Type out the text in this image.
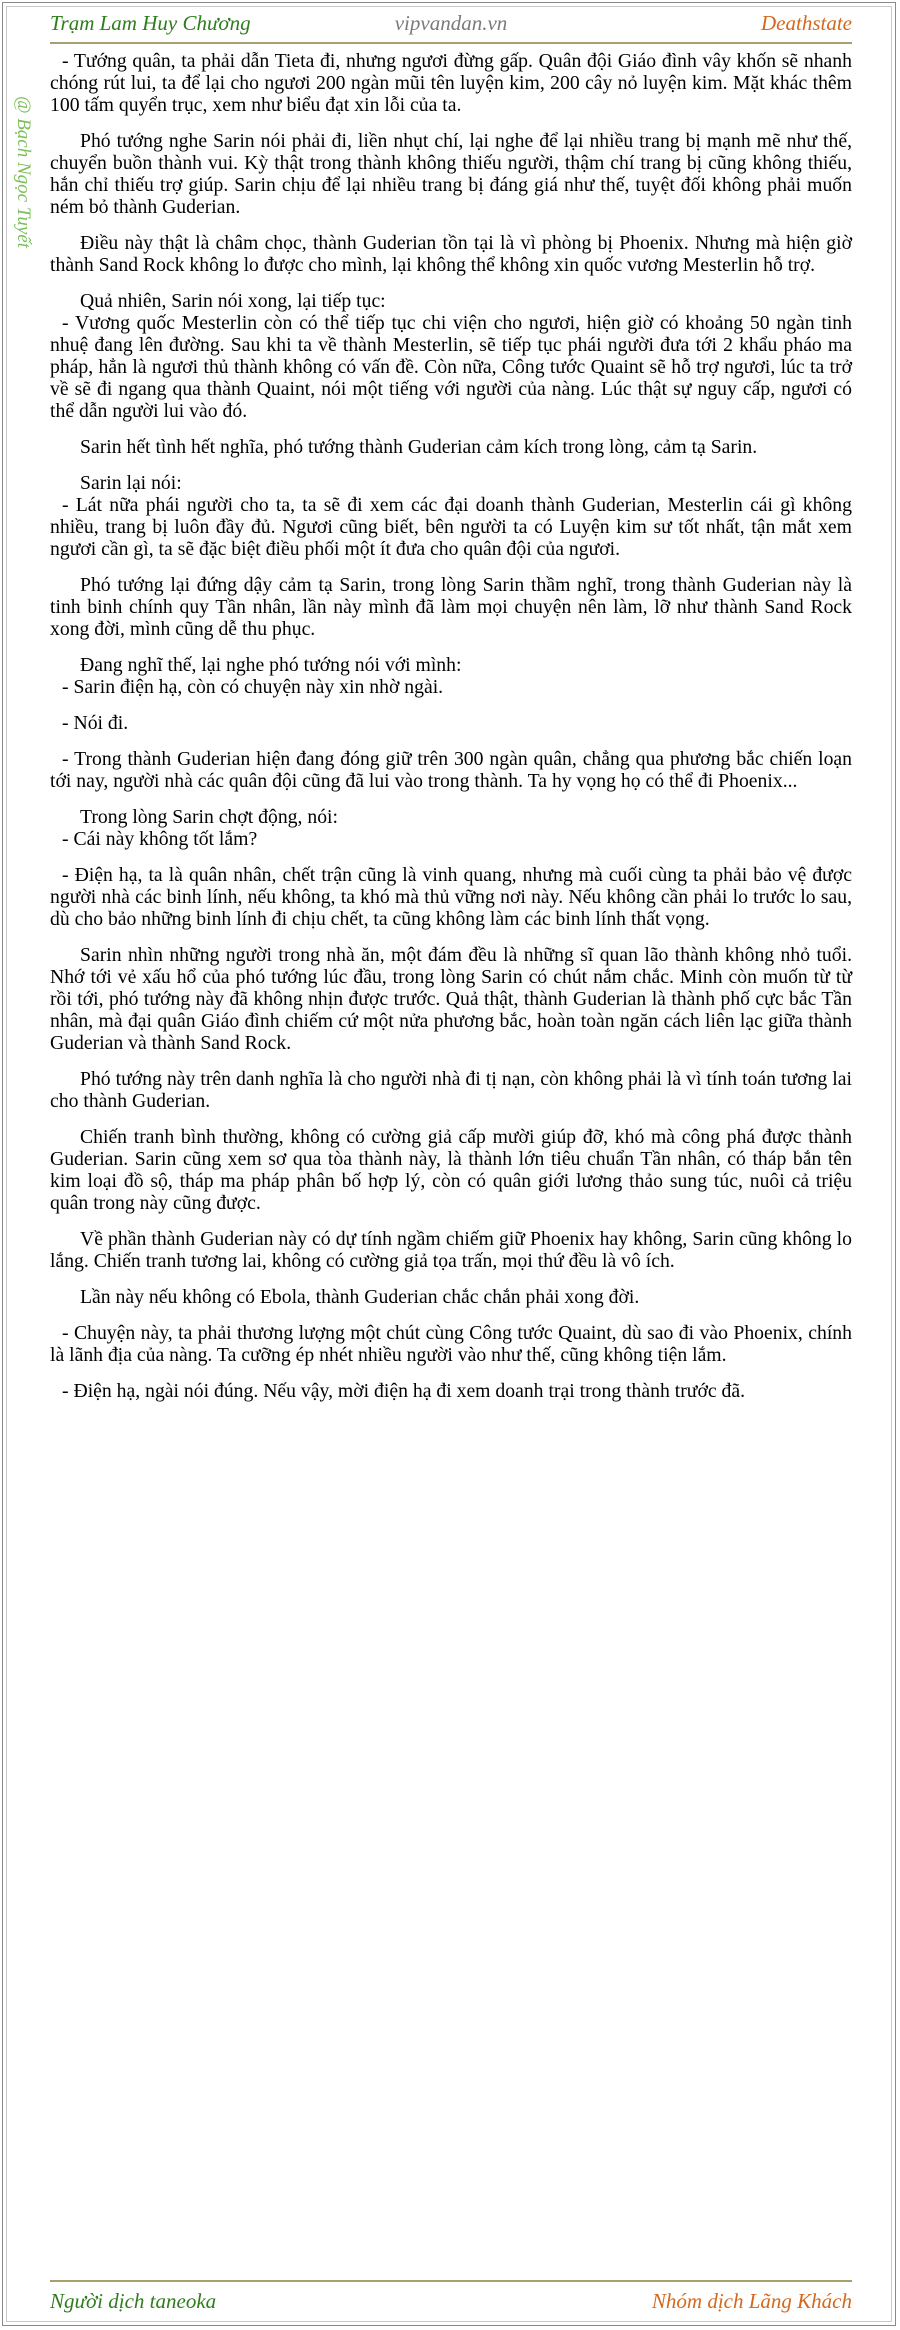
Trạm Lam Huy Chương	vipvandan.vn	Deathstate
@ Bạch Ngọc Tuyết

- Tướng quân, ta phải dẫn Tieta đi, nhưng ngươi đừng gấp. Quân đội Giáo đình vây khốn sẽ nhanh chóng rút lui, ta để lại cho ngươi 200 ngàn mũi tên luyện kim, 200 cây nỏ luyện kim. Mặt khác thêm 100 tấm quyển trục, xem như biểu đạt xin lỗi của ta.

Phó tướng nghe Sarin nói phải đi, liền nhụt chí, lại nghe để lại nhiều trang bị mạnh mẽ như thế, chuyển buồn thành vui. Kỳ thật trong thành không thiếu người, thậm chí trang bị cũng không thiếu, hắn chỉ thiếu trợ giúp. Sarin chịu để lại nhiều trang bị đáng giá như thế, tuyệt đối không phải muốn ném bỏ thành Guderian.

Điều này thật là châm chọc, thành Guderian tồn tại là vì phòng bị Phoenix. Nhưng mà hiện giờ thành Sand Rock không lo được cho mình, lại không thể không xin quốc vương Mesterlin hỗ trợ.

Quả nhiên, Sarin nói xong, lại tiếp tục:

- Vương quốc Mesterlin còn có thể tiếp tục chi viện cho ngươi, hiện giờ có khoảng 50 ngàn tinh nhuệ đang lên đường. Sau khi ta về thành Mesterlin, sẽ tiếp tục phái người đưa tới 2 khẩu pháo ma pháp, hẳn là ngươi thủ thành không có vấn đề. Còn nữa, Công tước Quaint sẽ hỗ trợ ngươi, lúc ta trở về sẽ đi ngang qua thành Quaint, nói một tiếng với người của nàng. Lúc thật sự nguy cấp, ngươi có thể dẫn người lui vào đó.

Sarin hết tình hết nghĩa, phó tướng thành Guderian cảm kích trong lòng, cảm tạ Sarin.

Sarin lại nói:

- Lát nữa phái người cho ta, ta sẽ đi xem các đại doanh thành Guderian, Mesterlin cái gì không nhiều, trang bị luôn đầy đủ. Ngươi cũng biết, bên người ta có Luyện kim sư tốt nhất, tận mắt xem ngươi cần gì, ta sẽ đặc biệt điều phối một ít đưa cho quân đội của ngươi.

Phó tướng lại đứng dậy cảm tạ Sarin, trong lòng Sarin thầm nghĩ, trong thành Guderian này là tinh binh chính quy Tần nhân, lần này mình đã làm mọi chuyện nên làm, lỡ như thành Sand Rock xong đời, mình cũng dễ thu phục.

Đang nghĩ thế, lại nghe phó tướng nói với mình:

- Sarin điện hạ, còn có chuyện này xin nhờ ngài.

- Nói đi.

- Trong thành Guderian hiện đang đóng giữ trên 300 ngàn quân, chẳng qua phương bắc chiến loạn tới nay, người nhà các quân đội cũng đã lui vào trong thành. Ta hy vọng họ có thể đi Phoenix...

Trong lòng Sarin chợt động, nói:

- Cái này không tốt lắm?

- Điện hạ, ta là quân nhân, chết trận cũng là vinh quang, nhưng mà cuối cùng ta phải bảo vệ được người nhà các binh lính, nếu không, ta khó mà thủ vững nơi này. Nếu không cần phải lo trước lo sau, dù cho bảo những binh lính đi chịu chết, ta cũng không làm các binh lính thất vọng.

Sarin nhìn những người trong nhà ăn, một đám đều là những sĩ quan lão thành không nhỏ tuổi. Nhớ tới vẻ xấu hổ của phó tướng lúc đầu, trong lòng Sarin có chút nắm chắc. Minh còn muốn từ từ rồi tới, phó tướng này đã không nhịn được trước. Quả thật, thành Guderian là thành phố cực bắc Tần nhân, mà đại quân Giáo đình chiếm cứ một nửa phương bắc, hoàn toàn ngăn cách liên lạc giữa thành Guderian và thành Sand Rock.

Phó tướng này trên danh nghĩa là cho người nhà đi tị nạn, còn không phải là vì tính toán tương lai cho thành Guderian.

Chiến tranh bình thường, không có cường giả cấp mười giúp đỡ, khó mà công phá được thành Guderian. Sarin cũng xem sơ qua tòa thành này, là thành lớn tiêu chuẩn Tần nhân, có tháp bắn tên kim loại đồ sộ, tháp ma pháp phân bố hợp lý, còn có quân giới lương thảo sung túc, nuôi cả triệu quân trong này cũng được.

Về phần thành Guderian này có dự tính ngầm chiếm giữ Phoenix hay không, Sarin cũng không lo lắng. Chiến tranh tương lai, không có cường giả tọa trấn, mọi thứ đều là vô ích.

Lần này nếu không có Ebola, thành Guderian chắc chắn phải xong đời.

- Chuyện này, ta phải thương lượng một chút cùng Công tước Quaint, dù sao đi vào Phoenix, chính là lãnh địa của nàng. Ta cưỡng ép nhét nhiều người vào như thế, cũng không tiện lắm.

- Điện hạ, ngài nói đúng. Nếu vậy, mời điện hạ đi xem doanh trại trong thành trước đã.

Người dịch taneoka	Nhóm dịch Lãng Khách
